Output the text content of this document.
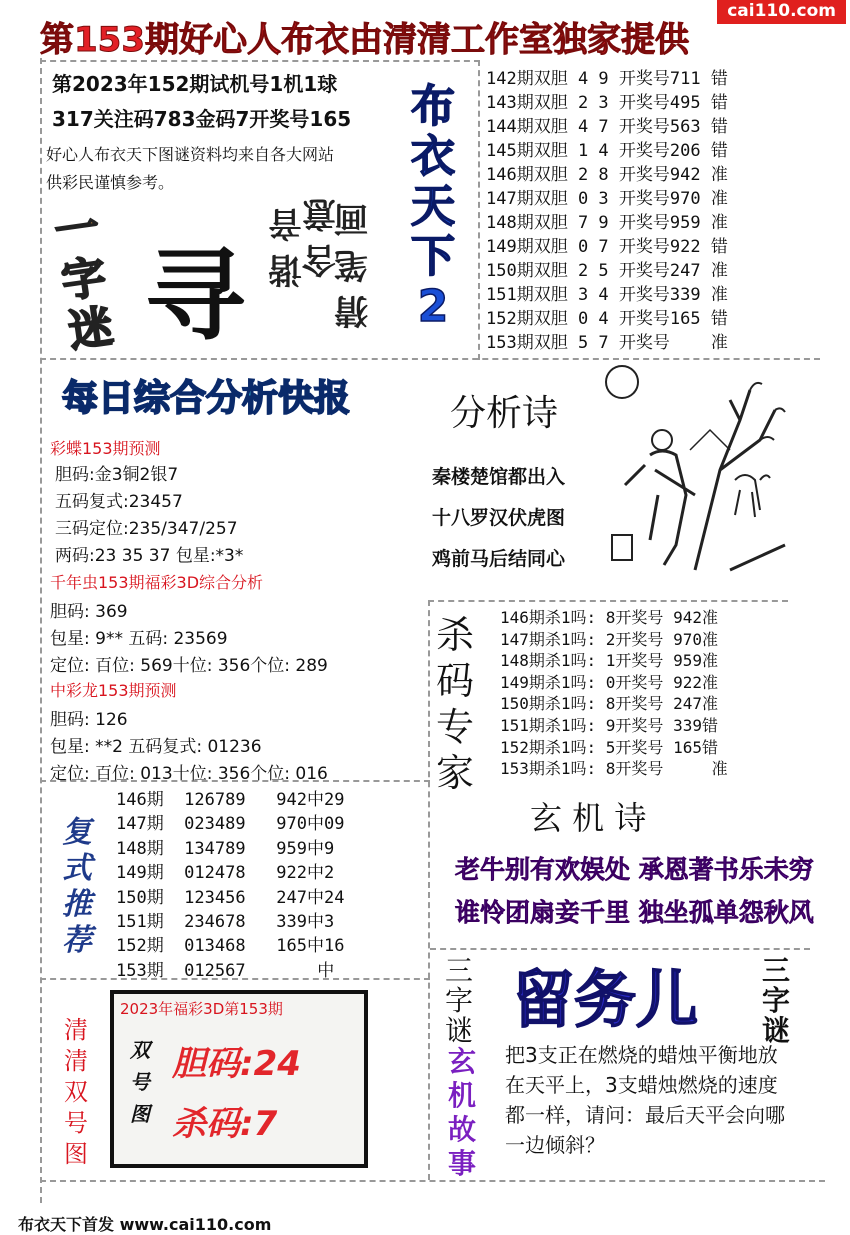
cai110.com
第153期好心人布衣由清清工作室独家提供
第2023年152期试机号1机1球
317关注码783金码7开奖号165
好心人布衣天下图谜资料均来自各大网站
供彩民谨慎参考。
一字迷 寻	猜笔画
含意
谐音
布衣天下2
142期双胆 4 9 开奖号711 错
143期双胆 2 3 开奖号495 错
144期双胆 4 7 开奖号563 错
145期双胆 1 4 开奖号206 错
146期双胆 2 8 开奖号942 准
147期双胆 0 3 开奖号970 准
148期双胆 7 9 开奖号959 准
149期双胆 0 7 开奖号922 错
150期双胆 2 5 开奖号247 准
151期双胆 3 4 开奖号339 准
152期双胆 0 4 开奖号165 错
153期双胆 5 7 开奖号    准
每日综合分析快报
彩蝶153期预测
胆码:金3铜2银7
五码复式:23457
三码定位:235/347/257
两码:23 35 37 包星:*3*
千年虫153期福彩3D综合分析
胆码: 369
包星: 9** 五码: 23569
定位: 百位: 569十位: 356个位: 289
中彩龙153期预测
胆码: 126
包星: **2 五码复式: 01236
定位: 百位: 013十位: 356个位: 016
分析诗
秦楼楚馆都出入
十八罗汉伏虎图
鸡前马后结同心
杀码专家
146期杀1吗: 8开奖号 942准
147期杀1吗: 2开奖号 970准
148期杀1吗: 1开奖号 959准
149期杀1吗: 0开奖号 922准
150期杀1吗: 8开奖号 247准
151期杀1吗: 9开奖号 339错
152期杀1吗: 5开奖号 165错
153期杀1吗: 8开奖号     准
玄 机 诗
老牛别有欢娱处 承恩著书乐未穷
谁怜团扇妾千里 独坐孤单怨秋风
复式推荐
146期  126789   942中29
147期  023489   970中09
148期  134789   959中9
149期  012478   922中2
150期  123456   247中24
151期  234678   339中3
152期  013468   165中16
153期  012567       中	三字谜 留务儿 三字谜
玄机故事
把3支正在燃烧的蜡烛平衡地放在天平上，3支蜡烛燃烧的速度都一样，请问：最后天平会向哪一边倾斜？
清清双号图
2023年福彩3D第153期
双号图
胆码:24
杀码:7
布衣天下首发 www.cai110.com
